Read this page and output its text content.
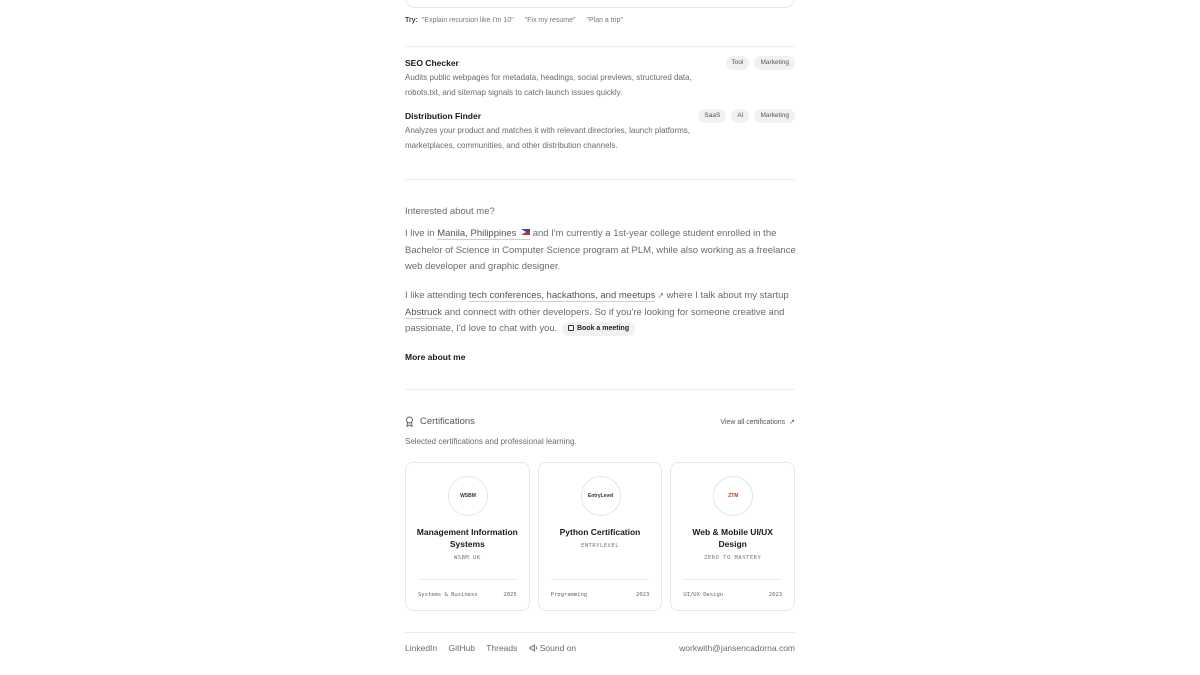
Try: "Explain recursion like I'm 10" "Fix my resume" "Plan a trip"
SEO Checker
Audits public webpages for metadata, headings, social previews, structured data, robots.txt, and sitemap signals to catch launch issues quickly.
Tool	Marketing
Distribution Finder
Analyzes your product and matches it with relevant directories, launch platforms, marketplaces, communities, and other distribution channels.
SaaS	AI	Marketing
Interested about me?
I live in Manila, Philippines  and I'm currently a 1st-year college student enrolled in the Bachelor of Science in Computer Science program at PLM, while also working as a freelance web developer and graphic designer.
I like attending tech conferences, hackathons, and meetups ↗ where I talk about my startup Abstruck and connect with other developers. So if you're looking for someone creative and passionate, I'd love to chat with you. Book a meeting
More about me
Certifications	View all certifications ↗
Selected certifications and professional learning.
WSBM
Management Information Systems
WSBM UK
Systems & Business	2025
EntryLevel
Python Certification
ENTRYLEVEL
Programming	2023
ZTM
Web & Mobile UI/UX Design
ZERO TO MASTERY
UI/UX Design	2023
LinkedIn GitHub Threads	Sound on	workwith@jansencadorna.com
